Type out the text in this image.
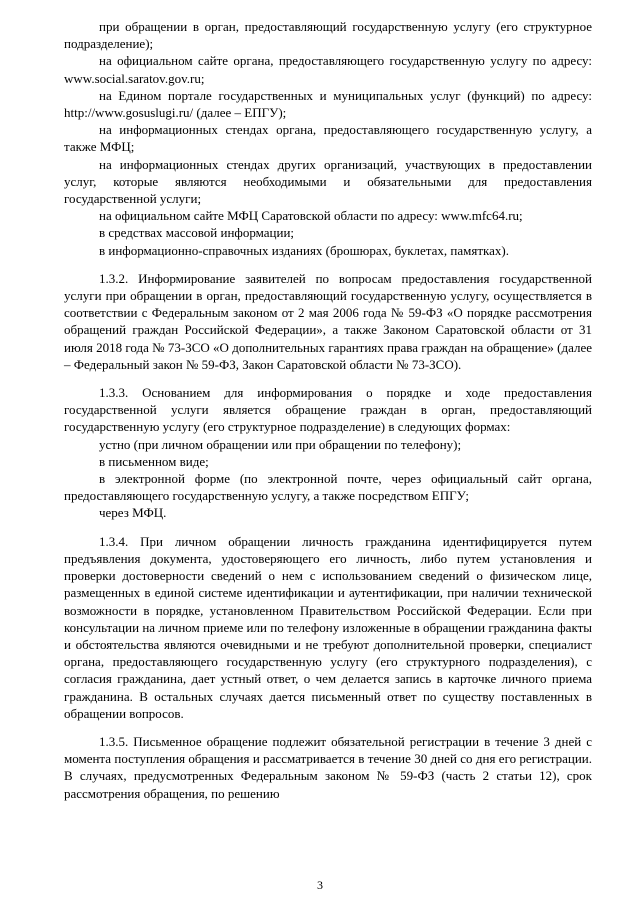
при обращении в орган, предоставляющий государственную услугу (его структурное подразделение);

на официальном сайте органа, предоставляющего государственную услугу по адресу: www.social.saratov.gov.ru;

на Едином портале государственных и муниципальных услуг (функций) по адресу: http://www.gosuslugi.ru/ (далее – ЕПГУ);

на информационных стендах органа, предоставляющего государственную услугу, а также МФЦ;

на информационных стендах других организаций, участвующих в предоставлении услуг, которые являются необходимыми и обязательными для предоставления государственной услуги;

на официальном сайте МФЦ Саратовской области по адресу: www.mfc64.ru;

в средствах массовой информации;

в информационно-справочных изданиях (брошюрах, буклетах, памятках).

1.3.2. Информирование заявителей по вопросам предоставления государственной услуги при обращении в орган, предоставляющий государственную услугу, осуществляется в соответствии с Федеральным законом от 2 мая 2006 года № 59-ФЗ «О порядке рассмотрения обращений граждан Российской Федерации», а также Законом Саратовской области от 31 июля 2018 года № 73-ЗСО «О дополнительных гарантиях права граждан на обращение» (далее – Федеральный закон № 59-ФЗ, Закон Саратовской области № 73-ЗСО).

1.3.3. Основанием для информирования о порядке и ходе предоставления государственной услуги является обращение граждан в орган, предоставляющий государственную услугу (его структурное подразделение) в следующих формах:

устно (при личном обращении или при обращении по телефону);

в письменном виде;

в электронной форме (по электронной почте, через официальный сайт органа, предоставляющего государственную услугу, а также посредством ЕПГУ;

через МФЦ.

1.3.4. При личном обращении личность гражданина идентифицируется путем предъявления документа, удостоверяющего его личность, либо путем установления и проверки достоверности сведений о нем с использованием сведений о физическом лице, размещенных в единой системе идентификации и аутентификации, при наличии технической возможности в порядке, установленном Правительством Российской Федерации. Если при консультации на личном приеме или по телефону изложенные в обращении гражданина факты и обстоятельства являются очевидными и не требуют дополнительной проверки, специалист органа, предоставляющего государственную услугу (его структурного подразделения), с согласия гражданина, дает устный ответ, о чем делается запись в карточке личного приема гражданина. В остальных случаях дается письменный ответ по существу поставленных в обращении вопросов.

1.3.5. Письменное обращение подлежит обязательной регистрации в течение 3 дней с момента поступления обращения и рассматривается в течение 30 дней со дня его регистрации. В случаях, предусмотренных Федеральным законом № 59-ФЗ (часть 2 статьи 12), срок рассмотрения обращения, по решению

3
